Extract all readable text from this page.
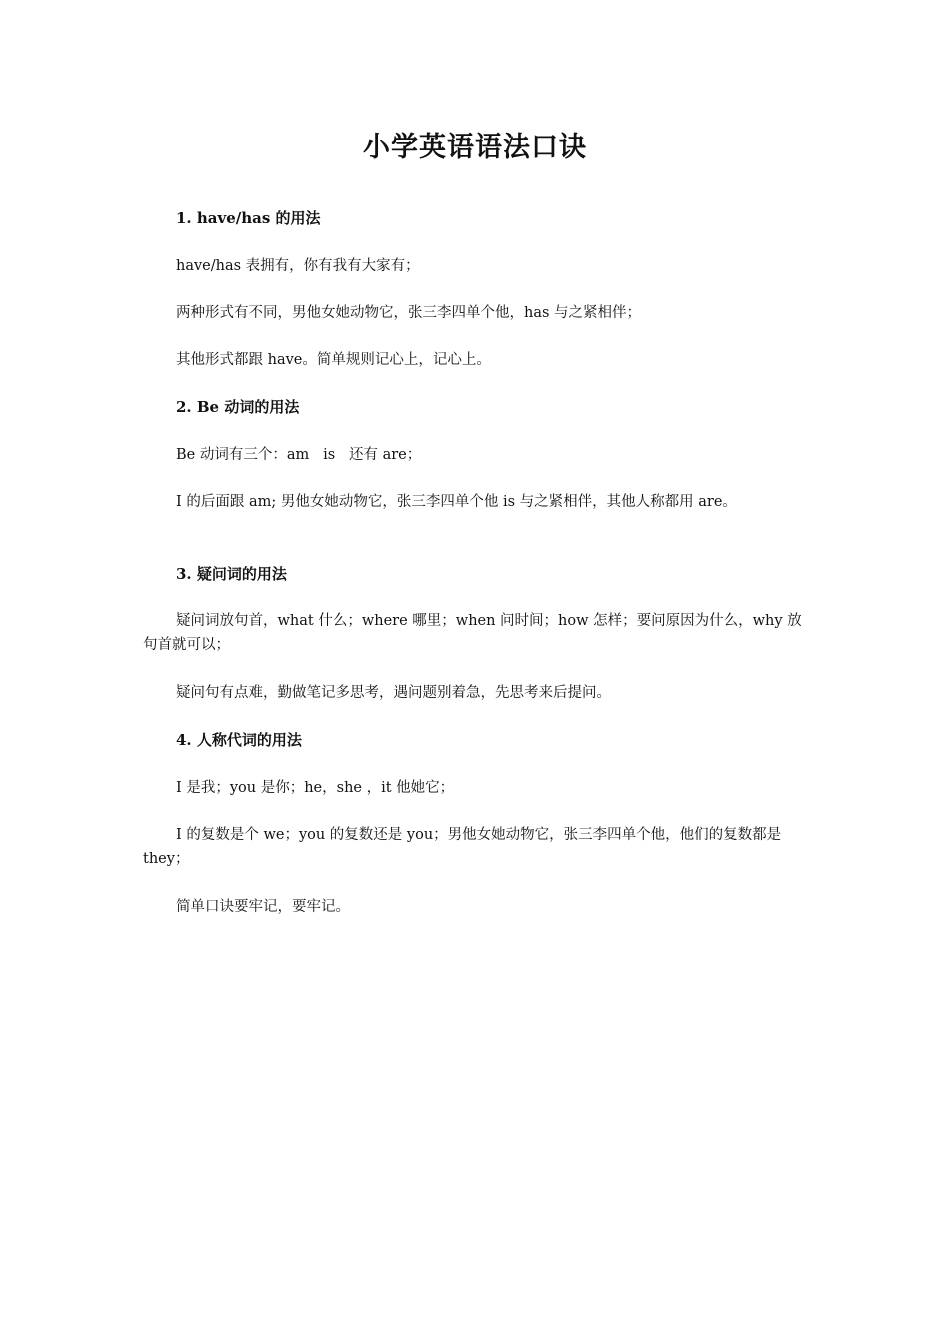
小学英语语法口诀
1. have/has 的用法

have/has 表拥有，你有我有大家有；

两种形式有不同，男他女她动物它，张三李四单个他，has 与之紧相伴；

其他形式都跟 have。简单规则记心上，记心上。

2. Be 动词的用法

Be 动词有三个：am   is   还有 are；

I 的后面跟 am; 男他女她动物它，张三李四单个他 is 与之紧相伴，其他人称都用 are。

3. 疑问词的用法

疑问词放句首，what 什么；where 哪里；when 问时间；how 怎样；要问原因为什么，why 放句首就可以；

疑问句有点难，勤做笔记多思考，遇问题别着急，先思考来后提问。

4. 人称代词的用法

I 是我；you 是你；he，she ，it 他她它；

I 的复数是个 we；you 的复数还是 you；男他女她动物它，张三李四单个他，他们的复数都是 they；

简单口诀要牢记，要牢记。
